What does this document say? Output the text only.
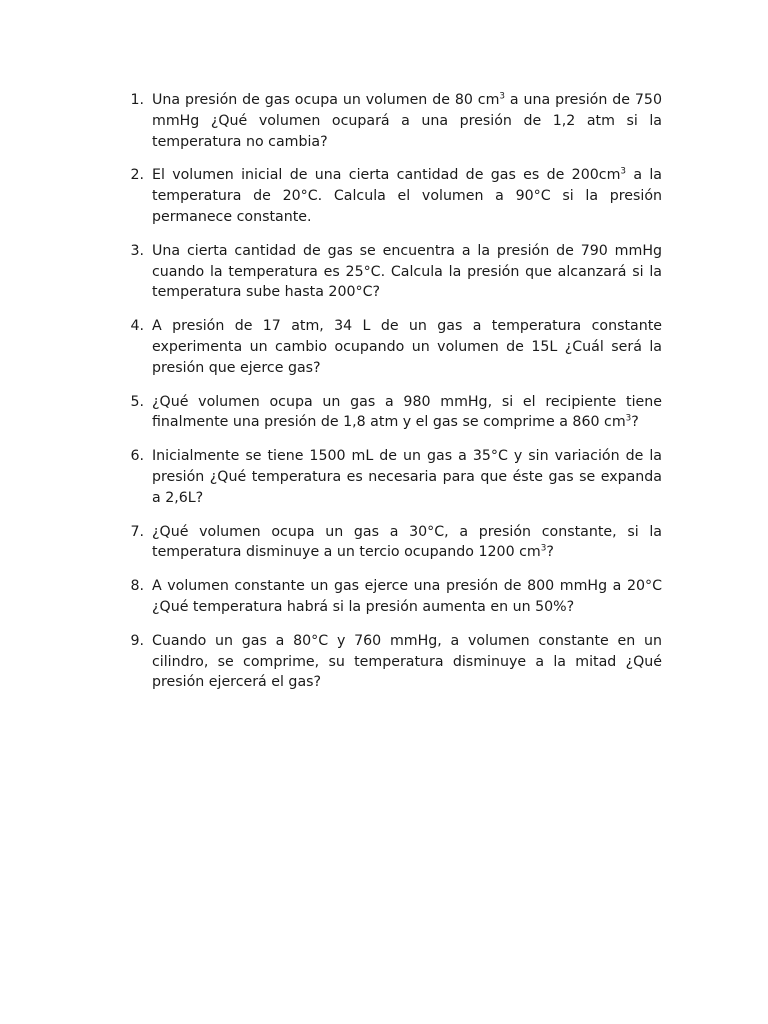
1. Una presión de gas ocupa un volumen de 80 $cm^3$ a una presión de 750 mmHg ¿Qué volumen ocupará a una presión de 1,2 atm si la temperatura no cambia?
2. El volumen inicial de una cierta cantidad de gas es de $200cm^3$ a la temperatura de 20°C. Calcula el volumen a 90°C si la presión permanece constante.
3. Una cierta cantidad de gas se encuentra a la presión de 790 mmHg cuando la temperatura es 25°C. Calcula la presión que alcanzará si la temperatura sube hasta 200°C?
4. A presión de 17 atm, 34 L de un gas a temperatura constante experimenta un cambio ocupando un volumen de 15L ¿Cuál será la presión que ejerce gas?
5. ¿Qué volumen ocupa un gas a 980 mmHg, si el recipiente tiene finalmente una presión de 1,8 atm y el gas se comprime a 860 $cm^3$?
6. Inicialmente se tiene 1500 mL de un gas a 35°C y sin variación de la presión ¿Qué temperatura es necesaria para que éste gas se expanda a 2,6L?
7. ¿Qué volumen ocupa un gas a 30°C, a presión constante, si la temperatura disminuye a un tercio ocupando 1200 $cm^3$?
8. A volumen constante un gas ejerce una presión de 800 mmHg a 20°C ¿Qué temperatura habrá si la presión aumenta en un 50%?
9. Cuando un gas a 80°C y 760 mmHg, a volumen constante en un cilindro, se comprime, su temperatura disminuye a la mitad ¿Qué presión ejercerá el gas?
